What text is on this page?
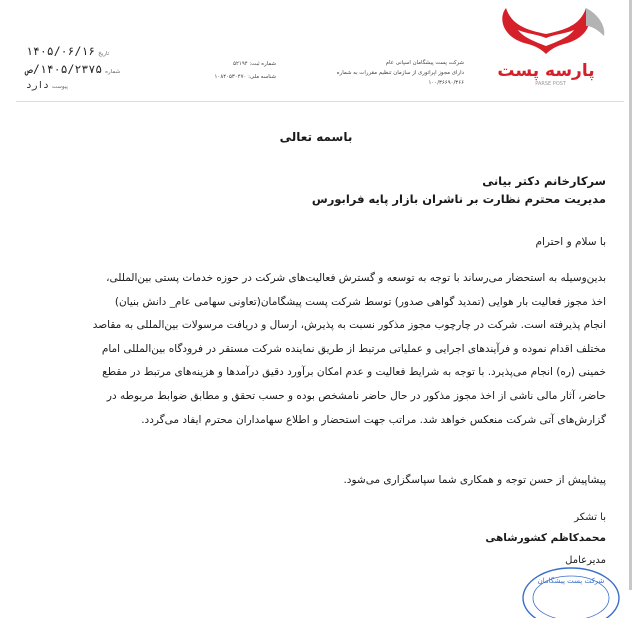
پارسه پست
PARSE POST
شرکت پست پیشگامان اسپانی عام
دارای مجوز اپراتوری از سازمان تنظیم مقررات به شماره ۱۰۰/۳۶۶۹۰/۳۶۶
شماره ثبت: ۵۲۱۹۴
شناسه ملی: ۱۰۸۴۰۵۳۰۴۷۰
تاریخ
۱۴۰۵/۰۶/۱۶
شماره
۱۴۰۵/۲۳۷۵/ص
پیوست
دارد
باسمه تعالی
سرکارخانم دکتر بیانی
مدیریت محترم نظارت بر ناشران بازار پایه فرابورس
با سلام و احترام

بدین‌وسیله به استحضار می‌رساند با توجه به توسعه و گسترش فعالیت‌های شرکت در حوزه خدمات پستی بین‌المللی،

اخذ مجوز فعالیت بار هوایی (تمدید گواهی صدور) توسط شرکت پست پیشگامان(تعاونی سهامی عام_ دانش بنیان)

انجام پذیرفته است. شرکت در چارچوب مجوز مذکور نسبت به پذیرش، ارسال و دریافت مرسولات بین‌المللی به مقاصد

مختلف اقدام نموده و فرآیندهای اجرایی و عملیاتی مرتبط از طریق نماینده شرکت مستقر در فرودگاه بین‌المللی امام

خمینی (ره) انجام می‌پذیرد. با توجه به شرایط فعالیت و عدم امکان برآورد دقیق درآمدها و هزینه‌های مرتبط در مقطع

حاضر، آثار مالی ناشی از اخذ مجوز مذکور در حال حاضر نامشخص بوده و حسب تحقق و مطابق ضوابط مربوطه در

گزارش‌های آتی شرکت منعکس خواهد شد. مراتب جهت استحضار و اطلاع سهامداران محترم ایفاد می‌گردد.

پیشاپیش از حسن توجه و همکاری شما سپاسگزاری می‌شود.
با تشکر
محمدکاظم کشورشاهی
مدیرعامل
شرکت پست پیشگامان
